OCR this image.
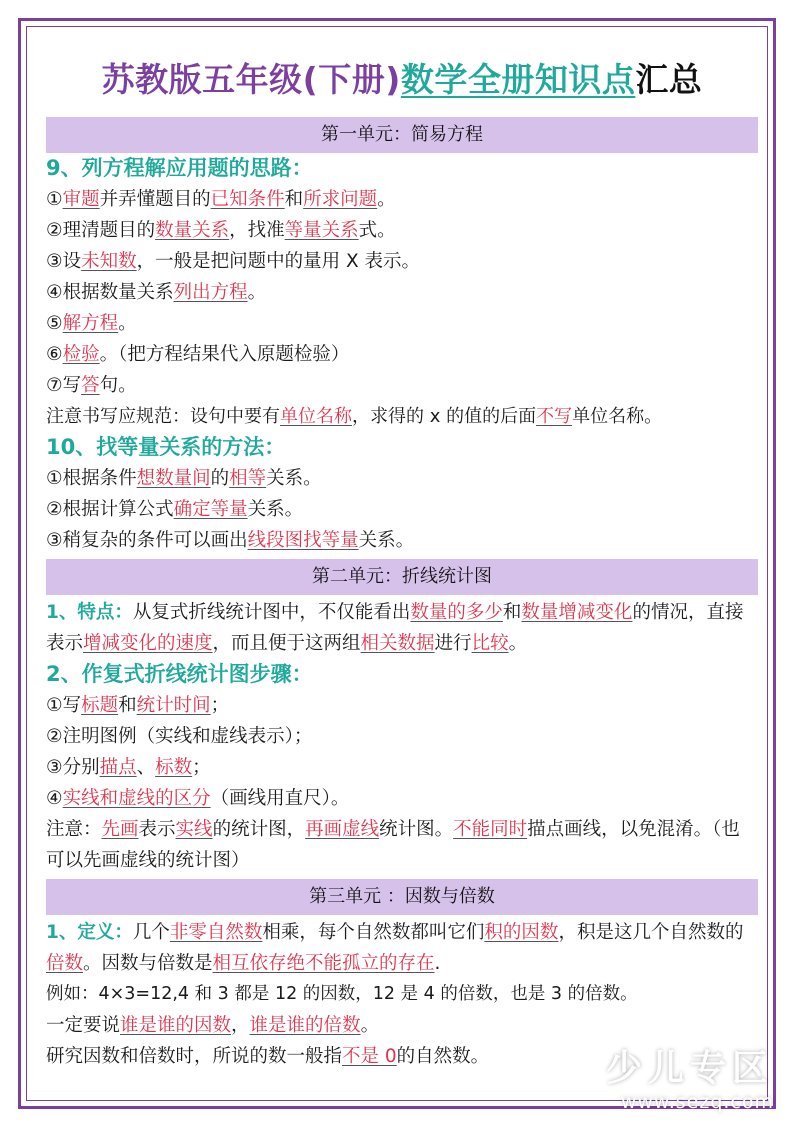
苏教版五年级(下册)数学全册知识点汇总
第一单元：简易方程
9、列方程解应用题的思路：
①审题并弄懂题目的已知条件和所求问题。
②理清题目的数量关系，找准等量关系式。
③设未知数，一般是把问题中的量用 X 表示。
④根据数量关系列出方程。
⑤解方程。
⑥检验。（把方程结果代入原题检验）
⑦写答句。
注意书写应规范：设句中要有单位名称，求得的 x 的值的后面不写单位名称。
10、找等量关系的方法：
①根据条件想数量间的相等关系。
②根据计算公式确定等量关系。
③稍复杂的条件可以画出线段图找等量关系。
第二单元：折线统计图
1、特点：从复式折线统计图中，不仅能看出数量的多少和数量增减变化的情况，直接表示增减变化的速度，而且便于这两组相关数据进行比较。
2、作复式折线统计图步骤：
①写标题和统计时间；
②注明图例（实线和虚线表示）；
③分别描点、标数；
④实线和虚线的区分（画线用直尺）。
注意：先画表示实线的统计图，再画虚线统计图。不能同时描点画线，以免混淆。（也可以先画虚线的统计图）
第三单元 ：因数与倍数
1、定义：几个非零自然数相乘，每个自然数都叫它们积的因数，积是这几个自然数的倍数。因数与倍数是相互依存绝不能孤立的存在.
例如：4×3=12,4 和 3 都是 12 的因数，12 是 4 的倍数，也是 3 的倍数。
一定要说谁是谁的因数，谁是谁的倍数。
研究因数和倍数时，所说的数一般指不是 0的自然数。	少儿专区
www.sezq.com
